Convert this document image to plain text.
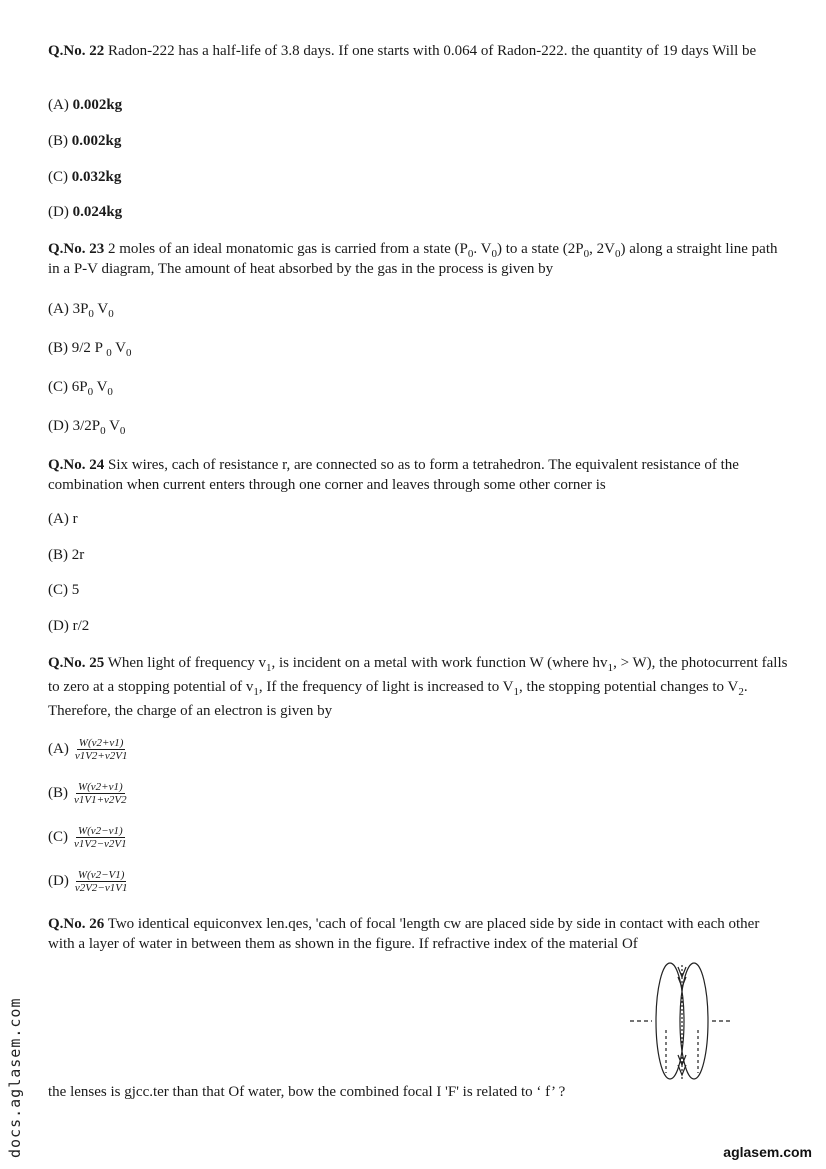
Q.No. 22 Radon-222 has a half-life of 3.8 days. If one starts with 0.064 of Radon-222. the quantity of 19 days Will be
(A) 0.002kg
(B) 0.002kg
(C) 0.032kg
(D) 0.024kg
Q.No. 23 2 moles of an ideal monatomic gas is carried from a state ($P_0$. $V_0$) to a state ($2P_0$, $2V_0$) along a straight line path in a P-V diagram, The amount of heat absorbed by the gas in the process is given by
(A) $3P_0$ $V_0$
(B) 9/2 P $_0$ $V_0$
(C) $6P_0$ $V_0$
(D) $3/2P_0$ $V_0$
Q.No. 24 Six wires, cach of resistance r, are connected so as to form a tetrahedron. The equivalent resistance of the combination when current enters through one corner and leaves through some other corner is
(A) r
(B) 2r
(C) 5
(D) r/2
Q.No. 25 When light of frequency $v_1$, is incident on a metal with work function W (where $hv_1$, > W), the photocurrent falls to zero at a stopping potential of $v_1$, If the frequency of light is increased to $V_1$, the stopping potential changes to $V_2$. Therefore, the charge of an electron is given by
$(A) \frac{W(v2+v1)}{v1V2+v2V1}$
$(B) \frac{W(v2+v1)}{v1V1+v2V2}$
$(C) \frac{W(v2-v1)}{v1V2-v2V1}$
$(D) \frac{W(v2-V1)}{v2V2-v1V1}$
Q.No. 26 Two identical equiconvex len.qes, 'cach of focal 'length cw are placed side by side in contact with each other with a layer of water in between them as shown in the figure. If refractive index of the material Of
the lenses is gjcc.ter than that Of water, bow the combined focal I 'F' is related to ‘ f’ ?
docs.aglasem.com	aglasem.com
